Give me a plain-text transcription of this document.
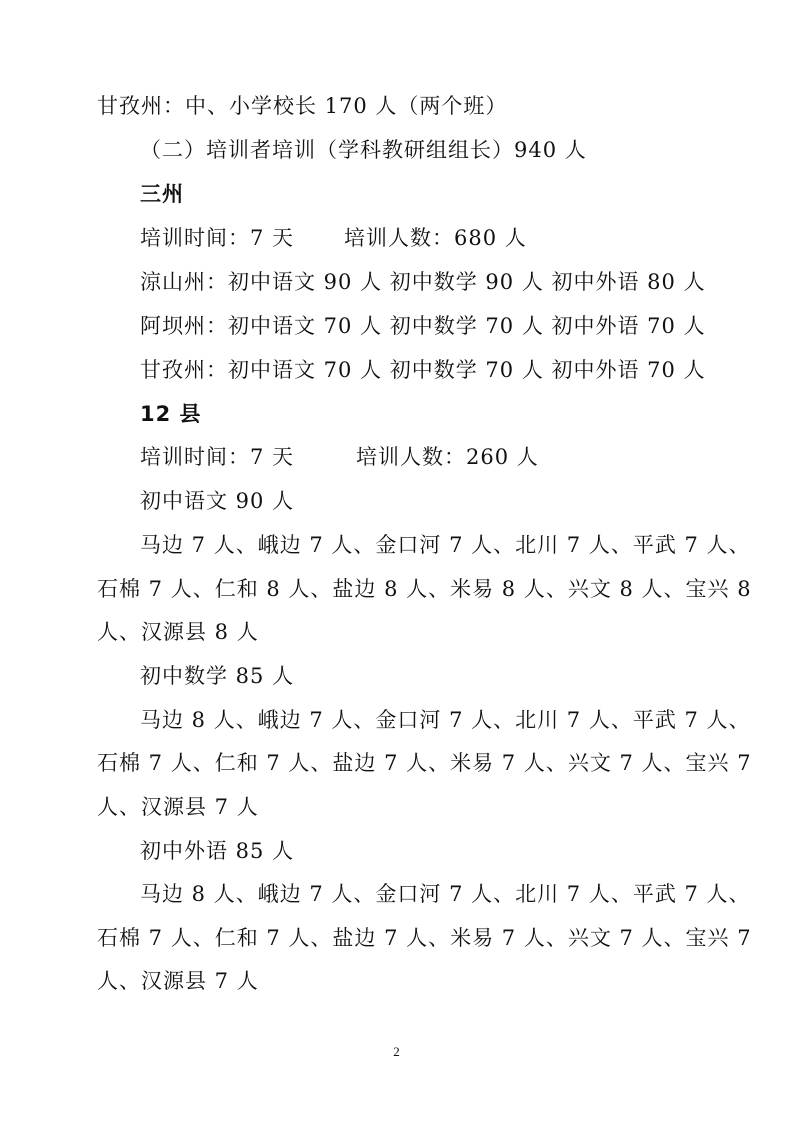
甘孜州：中、小学校长 170 人（两个班）
（二）培训者培训（学科教研组组长）940 人
三州
培训时间：7 天 培训人数：680 人
涼山州：初中语文 90 人 初中数学 90 人 初中外语 80 人
阿坝州：初中语文 70 人 初中数学 70 人 初中外语 70 人
甘孜州：初中语文 70 人 初中数学 70 人 初中外语 70 人
12 县
培训时间：7 天	培训人数：260 人
初中语文 90 人
马边 7 人、峨边 7 人、金口河 7 人、北川 7 人、平武 7 人、
石棉 7 人、仁和 8 人、盐边 8 人、米易 8 人、兴文 8 人、宝兴 8
人、汉源县 8 人
初中数学 85 人
马边 8 人、峨边 7 人、金口河 7 人、北川 7 人、平武 7 人、
石棉 7 人、仁和 7 人、盐边 7 人、米易 7 人、兴文 7 人、宝兴 7
人、汉源县 7 人
初中外语 85 人
马边 8 人、峨边 7 人、金口河 7 人、北川 7 人、平武 7 人、
石棉 7 人、仁和 7 人、盐边 7 人、米易 7 人、兴文 7 人、宝兴 7
人、汉源县 7 人
2
